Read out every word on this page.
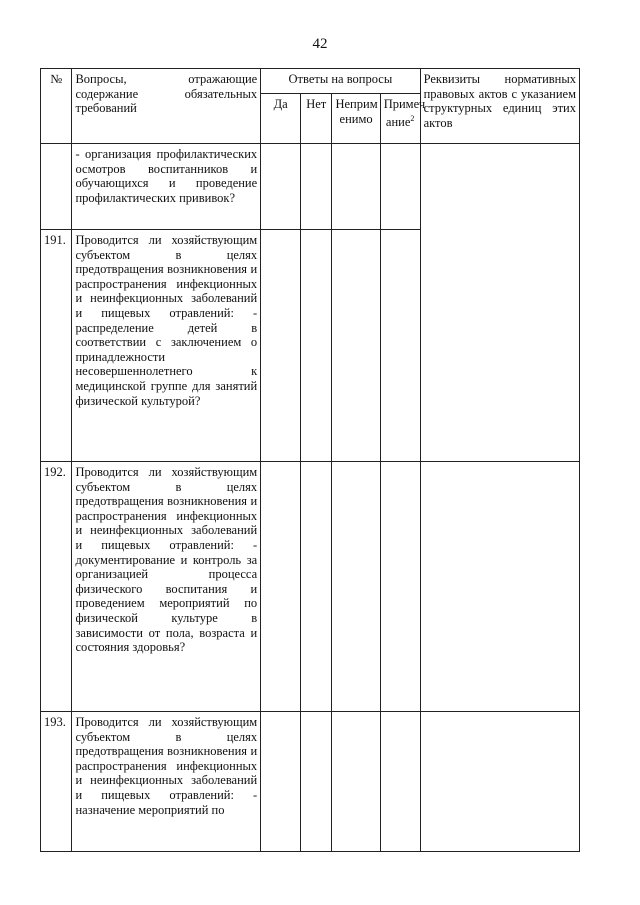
42
№	Вопросы, отражающие содержание обязательных требований	Ответы на вопросы				Реквизиты нормативных правовых актов с указанием структурных единиц этих актов
		Да	Нет	Неприм енимо	Примеч ание$^2$
	- организация профилактических осмотров воспитанников и обучающихся и проведение профилактических прививок?					
191.	Проводится ли хозяйствующим субъектом в целях предотвращения возникновения и распространения инфекционных и неинфекционных заболеваний и пищевых отравлений: - распределение детей в соответствии с заключением о принадлежности несовершеннолетнего к медицинской группе для занятий физической культурой?					
192.	Проводится ли хозяйствующим субъектом в целях предотвращения возникновения и распространения инфекционных и неинфекционных заболеваний и пищевых отравлений: - документирование и контроль за организацией процесса физического воспитания и проведением мероприятий по физической культуре в зависимости от пола, возраста и состояния здоровья?					
193.	Проводится ли хозяйствующим субъектом в целях предотвращения возникновения и распространения инфекционных и неинфекционных заболеваний и пищевых отравлений: - назначение мероприятий по					
